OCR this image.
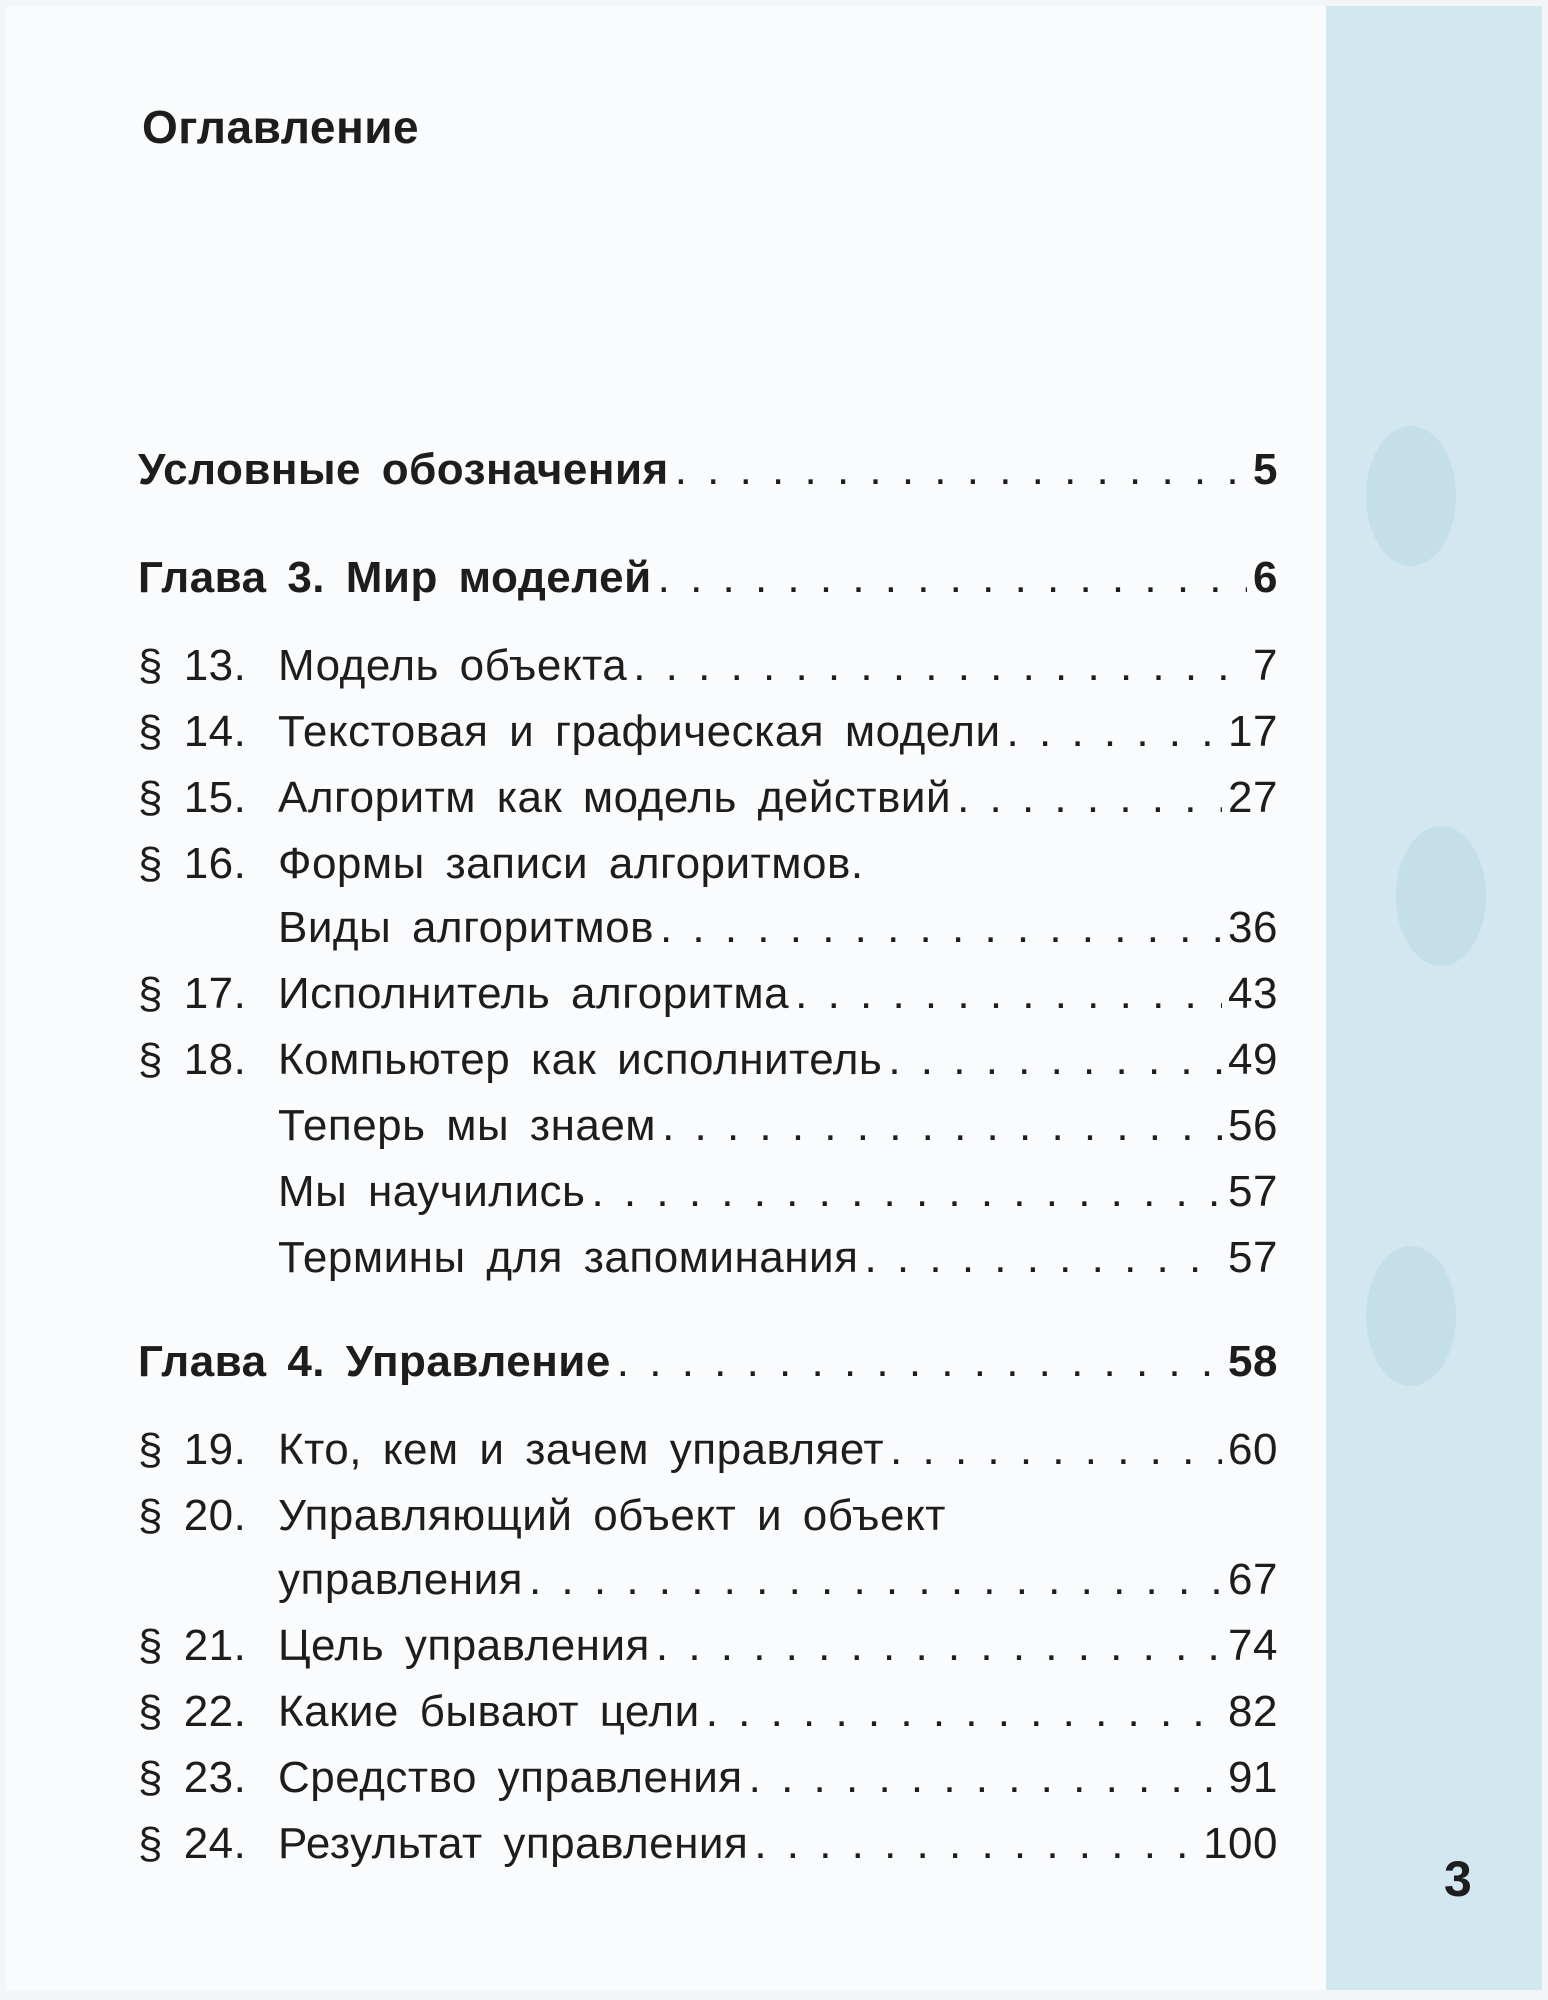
Оглавление
Условные обозначения . . .	5
Глава 3. Мир моделей . . .	6
§ 13. Модель объекта . . .	7
§ 14. Текстовая и графическая модели . . .	17
§ 15. Алгоритм как модель действий . . .	27
§ 16. Формы записи алгоритмов.
Виды алгоритмов . . .	36
§ 17. Исполнитель алгоритма . . .	43
§ 18. Компьютер как исполнитель . . .	49
Теперь мы знаем . . .	56
Мы научились . . .	57
Термины для запоминания . . .	57
Глава 4. Управление . . .	58
§ 19. Кто, кем и зачем управляет . . .	60
§ 20. Управляющий объект и объект
управления . . .	67
§ 21. Цель управления . . .	74
§ 22. Какие бывают цели . . .	82
§ 23. Средство управления . . .	91
§ 24. Результат управления . . .	100
3
